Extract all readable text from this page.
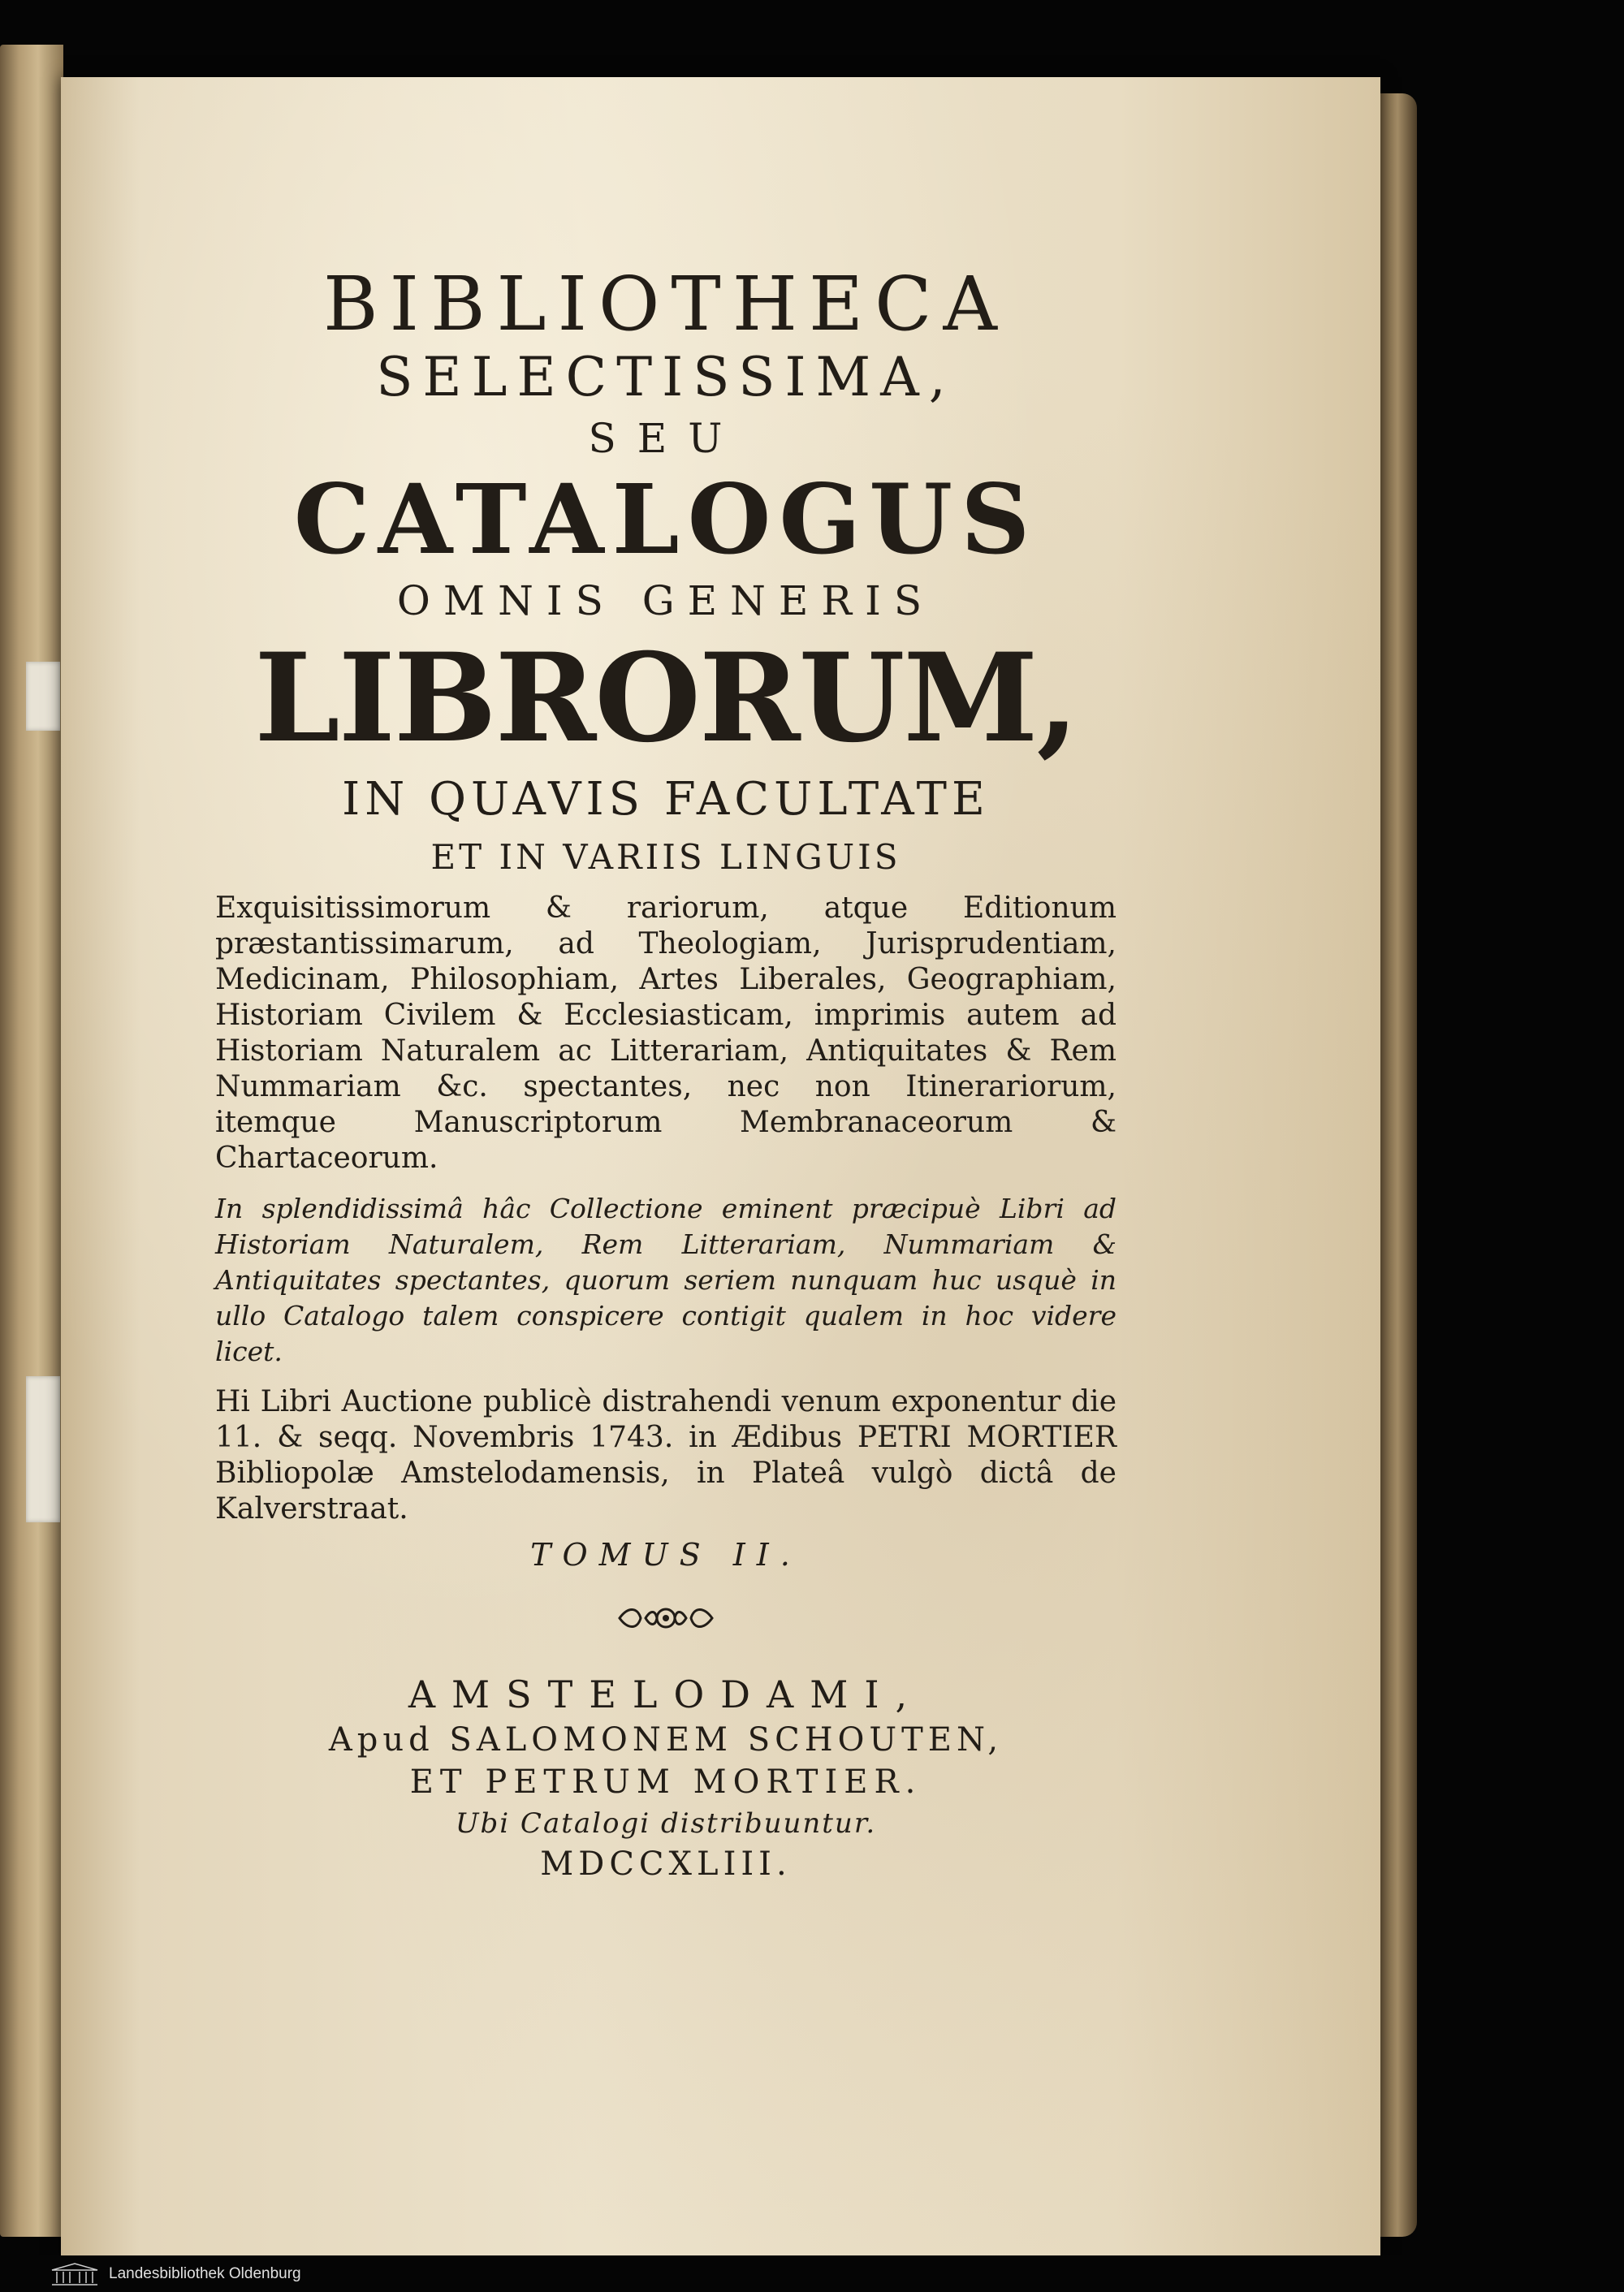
BIBLIOTHECA
SELECTISSIMA,
SEU
CATALOGUS
OMNIS GENERIS
LIBRORUM,
IN QUAVIS FACULTATE
ET IN VARIIS LINGUIS
Exquisitissimorum & rariorum, atque Editionum præstantissimarum, ad Theologiam, Jurisprudentiam, Medicinam, Philosophiam, Artes Liberales, Geographiam, Historiam Civilem & Ecclesiasticam, imprimis autem ad Historiam Naturalem ac Litterariam, Antiquitates & Rem Nummariam &c. spectantes, nec non Itinerariorum, itemque Manuscriptorum Membranaceorum & Chartaceorum.
In splendidissimâ hâc Collectione eminent præcipuè Libri ad Historiam Naturalem, Rem Litterariam, Nummariam & Antiquitates spectantes, quorum seriem nunquam huc usquè in ullo Catalogo talem conspicere contigit qualem in hoc videre licet.
Hi Libri Auctione publicè distrahendi venum exponentur die 11. & seqq. Novembris 1743. in Ædibus PETRI MORTIER Bibliopolæ Amstelodamensis, in Plateâ vulgò dictâ de Kalverstraat.
TOMUS II.
AMSTELODAMI,
Apud SALOMONEM SCHOUTEN,
ET PETRUM MORTIER.
Ubi Catalogi distribuuntur.
MDCCXLIII.
Landesbibliothek Oldenburg
